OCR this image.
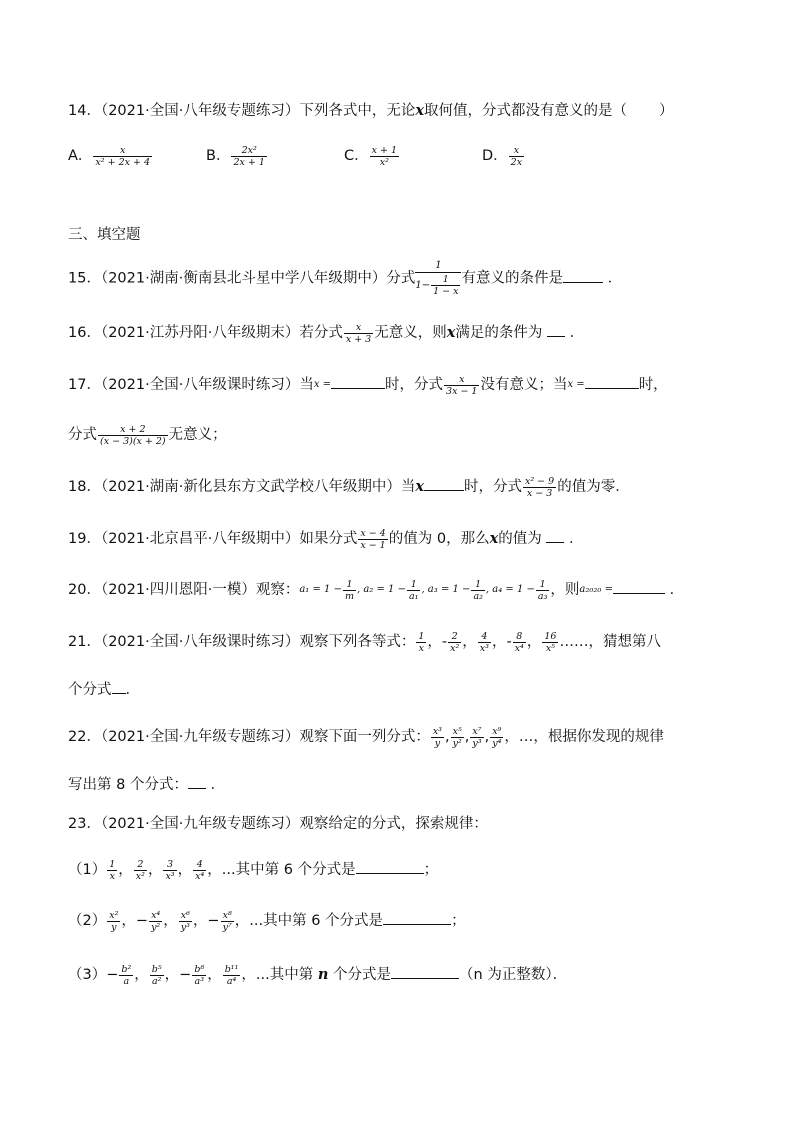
14．（2021·全国·八年级专题练习）下列各式中，无论x取何值，分式都没有意义的是（ ）
A． $\frac{x}{\text{x² + 2x + 4}}$	B． $\frac{\text{2x²}}{2x + 1}$	C． $\frac{x + 1}{\text{x²}}$	D． $\frac{x}{2x}$
三、填空题
15．（2021·湖南·衡南县北斗星中学八年级期中）分式 $\frac{1}{1- \frac{1}{1 - x}}$ 有意义的条件是	．
16．（2021·江苏丹阳·八年级期末）若分式 $\frac{x}{x + 3}$ 无意义，则x满足的条件为 ．
17．（2021·全国·八年级课时练习）当x =	时，分式 $\frac{x}{3x - 1}$ 没有意义；当x =	时，
分式 $\frac{x + 2}{(x - 3)(x + 2)}$ 无意义；
18．（2021·湖南·新化县东方文武学校八年级期中）当x	时，分式 $\frac{\text{x² − 9}}{x - 3}$ 的值为零．
19．（2021·北京昌平·八年级期中）如果分式 $\frac{x - 4}{x - 1}$ 的值为 0，那么x的值为 ．
20．（2021·四川恩阳·一模）观察：$a_1 = 1 - \frac{1}{m}$ , $a_2 = 1 - \frac{1}{\text{a₁}}$ , $a_3 = 1 - \frac{1}{\text{a₂}}$ , $a_4 = 1 - \frac{1}{\text{a₃}}$ ，则a₂₀₂₀ =	．
21．（2021·全国·八年级课时练习）观察下列各等式： $\frac{1}{x}$ ，- $\frac{2}{\text{x²}}$ ， $\frac{4}{\text{x³}}$ ，- $\frac{8}{\text{x⁴}}$ ， $\frac{16}{\text{x⁵}}$ ……，猜想第八
个分式 ．
22．（2021·全国·九年级专题练习）观察下面一列分式： $\frac{\text{x³}}{y}$ , $\frac{\text{x⁵}}{\text{y²}}$ , $\frac{\text{x⁷}}{\text{y³}}$ , $\frac{\text{x⁹}}{\text{y⁴}}$ ，…，根据你发现的规律
写出第 8 个分式： ．
23．（2021·全国·九年级专题练习）观察给定的分式，探索规律：
$(1) \frac{1}{x}$ ， $\frac{2}{\text{x²}}$ ， $\frac{3}{\text{x³}}$ ， $\frac{4}{\text{x⁴}}$ ，...其中第 6 个分式是	；
$(2) \frac{\text{x²}}{y}$ ，− $\frac{\text{x⁴}}{\text{y²}}$ ， $\frac{\text{x⁶}}{\text{y³}}$ ，− $\frac{\text{x⁸}}{\text{y⁷}}$ ，...其中第 6 个分式是	；
$(3)- \frac{\text{b²}}{a}$ ， $\frac{\text{b⁵}}{\text{a²}}$ ，− $\frac{\text{b⁸}}{\text{a³}}$ ， $\frac{\text{b¹¹}}{\text{a⁴}}$ ，...其中第 n 个分式是	（n 为正整数）．
